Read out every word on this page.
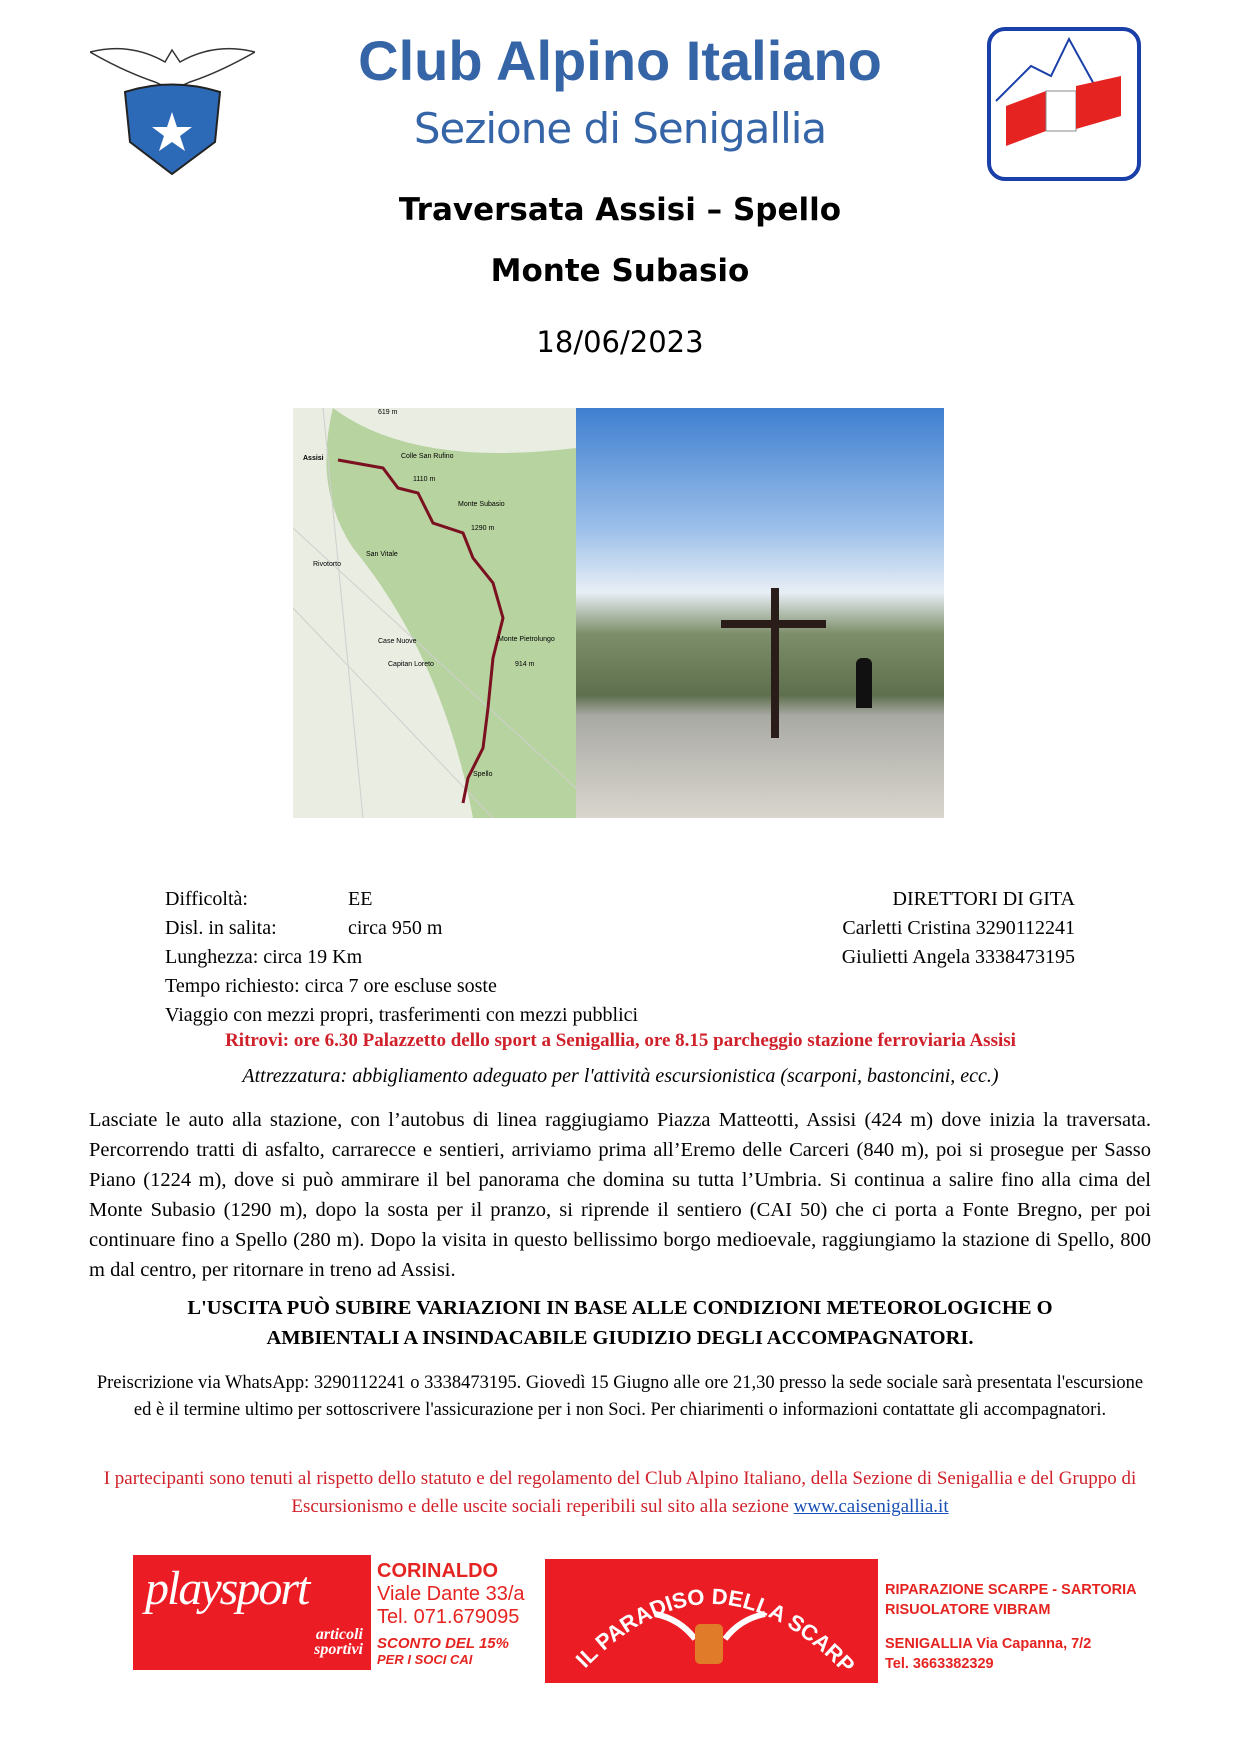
Club Alpino Italiano
Sezione di Senigallia
Traversata Assisi – Spello
Monte Subasio
18/06/2023
Assisi	Colle San Rufino
1110 m
Monte Subasio
1290 m
San Vitale
Rivotorto
Case Nuove
Capitan Loreto
Monte Pietrolungo
914 m
Spello
619 m
Difficoltà:	EE
Disl. in salita:	circa 950 m
Lunghezza: circa 19 Km
Tempo richiesto: circa 7 ore escluse soste
Viaggio con mezzi propri, trasferimenti con mezzi pubblici
DIRETTORI DI GITA
Carletti Cristina 3290112241
Giulietti Angela 3338473195
Ritrovi: ore 6.30 Palazzetto dello sport a Senigallia, ore 8.15 parcheggio stazione ferroviaria Assisi
Attrezzatura: abbigliamento adeguato per l'attività escursionistica (scarponi, bastoncini, ecc.)
Lasciate le auto alla stazione, con l’autobus di linea raggiugiamo Piazza Matteotti, Assisi (424 m) dove inizia la traversata. Percorrendo tratti di asfalto, carrarecce e sentieri, arriviamo prima all’Eremo delle Carceri (840 m), poi si prosegue per Sasso Piano (1224 m), dove si può ammirare il bel panorama che domina su tutta l’Umbria. Si continua a salire fino alla cima del Monte Subasio (1290 m), dopo la sosta per il pranzo, si riprende il sentiero (CAI 50) che ci porta a Fonte Bregno, per poi continuare fino a Spello (280 m). Dopo la visita in questo bellissimo borgo medioevale, raggiungiamo la stazione di Spello, 800 m dal centro, per ritornare in treno ad Assisi.
L'USCITA PUÒ SUBIRE VARIAZIONI IN BASE ALLE CONDIZIONI METEOROLOGICHE O AMBIENTALI A INSINDACABILE GIUDIZIO DEGLI ACCOMPAGNATORI.
Preiscrizione via WhatsApp: 3290112241 o 3338473195. Giovedì 15 Giugno alle ore 21,30 presso la sede sociale sarà presentata l'escursione ed è il termine ultimo per sottoscrivere l'assicurazione per i non Soci. Per chiarimenti o informazioni contattate gli accompagnatori.
I partecipanti sono tenuti al rispetto dello statuto e del regolamento del Club Alpino Italiano, della Sezione di Senigallia e del Gruppo di Escursionismo e delle uscite sociali reperibili sul sito alla sezione www.caisenigallia.it
playsport
articoli sportivi
CORINALDO
Viale Dante 33/a
Tel. 071.679095
SCONTO DEL 15%
PER I SOCI CAI	IL PARADISO DELLA SCARP
RIPARAZIONE SCARPE - SARTORIA
RISUOLATORE VIBRAM
SENIGALLIA Via Capanna, 7/2
Tel. 3663382329
